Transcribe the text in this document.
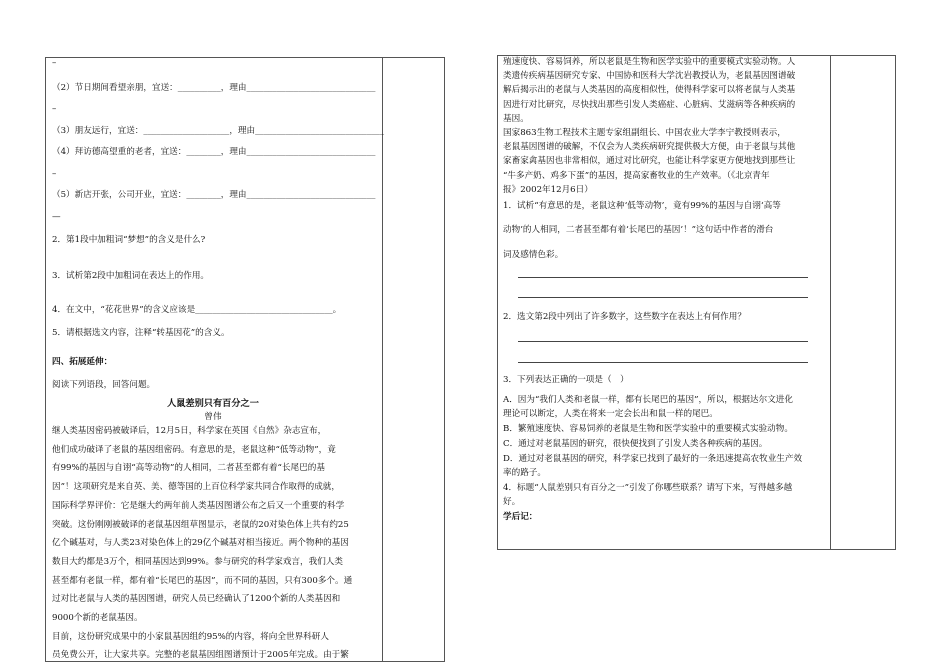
–
（2）节日期间看望亲朋，宜送：__________，理由______________________________
–
（3）朋友远行，宜送：____________________，理由______________________________
（4）拜访德高望重的老者，宜送：________，理由______________________________
–
（5）新店开张，公司开业，宜送：________，理由______________________________
—
2．第1段中加粗词“梦想”的含义是什么?
3．试析第2段中加粗词在表达上的作用。
4．在文中，“花花世界”的含义应该是________________________________。
5．请根据选文内容，注释“转基因花”的含义。
四、拓展延伸：
阅读下列语段，回答问题。
人鼠差别只有百分之一
曾伟
继人类基因密码被破译后，12月5日，科学家在英国《自然》杂志宣布，
他们成功破译了老鼠的基因组密码。有意思的是，老鼠这种“低等动物”，竟
有99%的基因与自诩“高等动物”的人相同，二者甚至都有着“长尾巴的基
因”！这项研究是来自英、美、德等国的上百位科学家共同合作取得的成就，
国际科学界评价：它是继大约两年前人类基因图谱公布之后又一个重要的科学
突破。这份刚刚被破译的老鼠基因组草图显示，老鼠的20对染色体上共有约25
亿个碱基对，与人类23对染色体上的29亿个碱基对相当接近。两个物种的基因
数目大约都是3万个，相同基因达到99%。参与研究的科学家戏言，我们人类
甚至都有老鼠一样，都有着“长尾巴的基因”，而不同的基因，只有300多个。通
过对比老鼠与人类的基因图谱，研究人员已经确认了1200个新的人类基因和
9000个新的老鼠基因。
目前，这份研究成果中的小家鼠基因组约95%的内容，将向全世界科研人
员免费公开，让大家共享。完整的老鼠基因组图谱预计于2005年完成。由于繁
殖速度快、容易饲养，所以老鼠是生物和医学实验中的重要模式实验动物。人
类遗传疾病基因研究专家、中国协和医科大学沈岩教授认为，老鼠基因图谱破
解后揭示出的老鼠与人类基因的高度相似性，使得科学家可以将老鼠与人类基
因进行对比研究，尽快找出那些引发人类癌症、心脏病、艾滋病等各种疾病的
基因。
国家863生物工程技术主题专家组副组长、中国农业大学李宁教授则表示，
老鼠基因图谱的破解，不仅会为人类疾病研究提供极大方便，由于老鼠与其他
家畜家禽基因也非常相似，通过对比研究，也能让科学家更方便地找到那些让
“牛多产奶、鸡多下蛋”的基因，提高家畜牧业的生产效率。（《北京青年
报》2002年12月6日）
1．试析“有意思的是，老鼠这种‘低等动物’，竟有99%的基因与自诩‘高等
动物’的人相同，二者甚至都有着‘长尾巴的基因’！”这句话中作者的滑台
词及感情色彩。
2．选文第2段中列出了许多数字，这些数字在表达上有何作用？
3．下列表达正确的一项是（　）
A．因为“我们人类和老鼠一样，都有长尾巴的基因”，所以，根据达尔文进化
理论可以断定，人类在将来一定会长出和鼠一样的尾巴。
B．繁殖速度快、容易饲养的老鼠是生物和医学实验中的重要模式实验动物。
C．通过对老鼠基因的研究，很快便找到了引发人类各种疾病的基因。
D．通过对老鼠基因的研究，科学家已找到了最好的一条迅速提高农牧业生产效
率的路子。
4．标题“人鼠差别只有百分之一”引发了你哪些联系？请写下来，写得越多越
好。
学后记：
